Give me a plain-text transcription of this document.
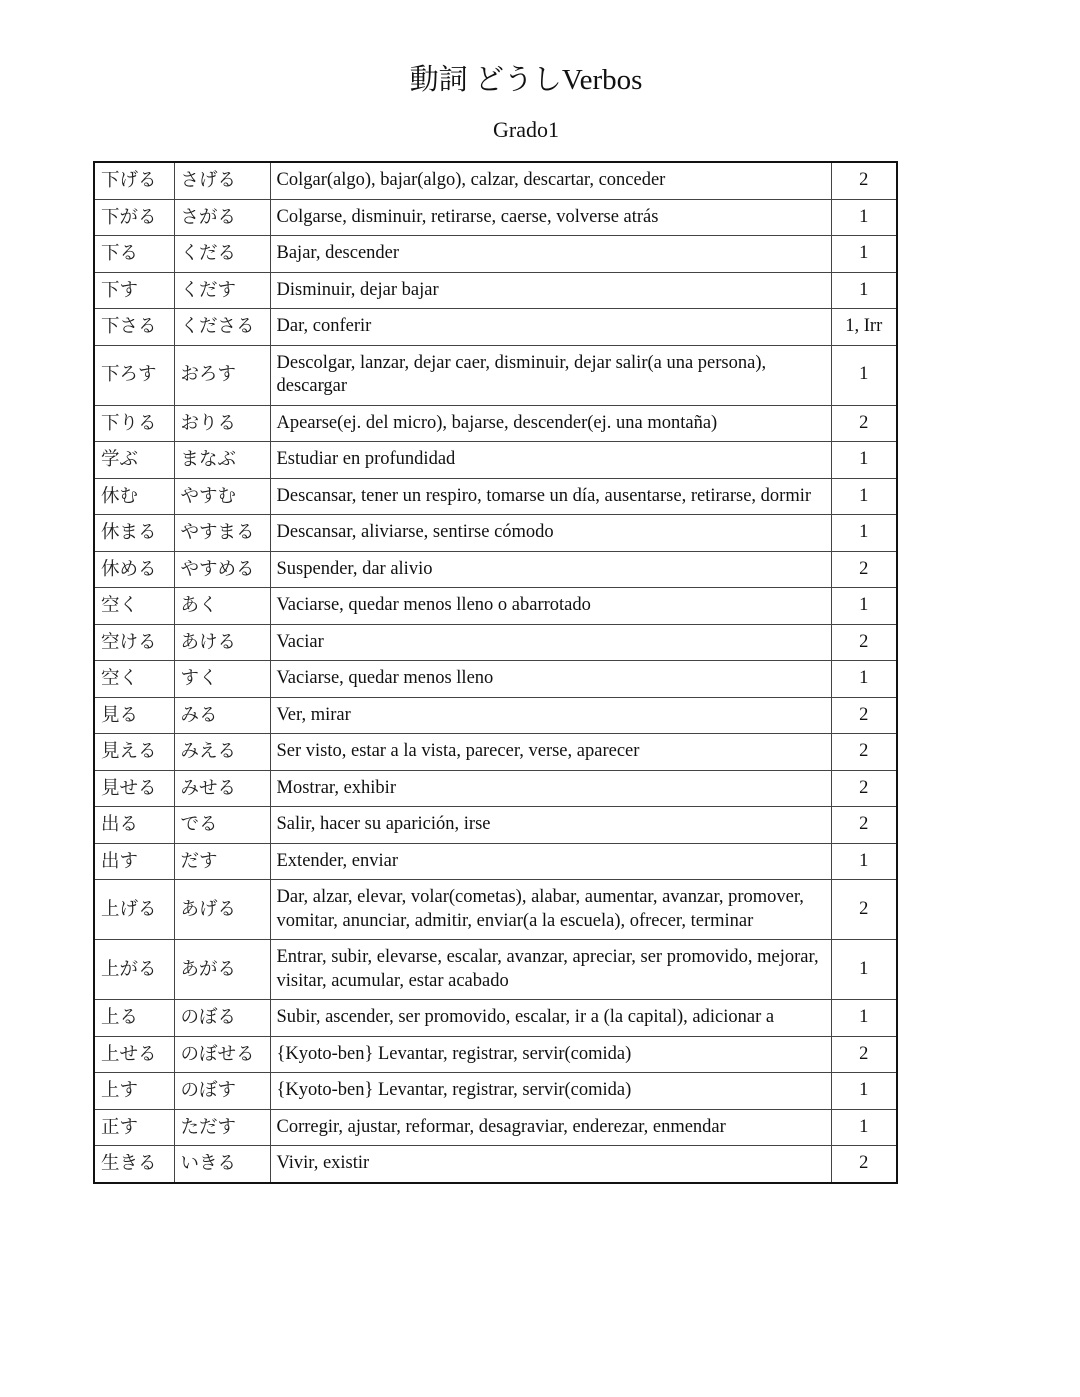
動詞 どうしVerbos
Grado1
下げる	さげる	Colgar(algo), bajar(algo), calzar, descartar, conceder	2
下がる	さがる	Colgarse, disminuir, retirarse, caerse, volverse atrás	1
下る	くだる	Bajar, descender	1
下す	くだす	Disminuir, dejar bajar	1
下さる	くださる	Dar, conferir	1, Irr
下ろす	おろす	Descolgar, lanzar, dejar caer, disminuir, dejar salir(a una persona), descargar	1
下りる	おりる	Apearse(ej. del micro), bajarse, descender(ej. una montaña)	2
学ぶ	まなぶ	Estudiar en profundidad	1
休む	やすむ	Descansar, tener un respiro, tomarse un día, ausentarse, retirarse, dormir	1
休まる	やすまる	Descansar, aliviarse, sentirse cómodo	1
休める	やすめる	Suspender, dar alivio	2
空く	あく	Vaciarse, quedar menos lleno o abarrotado	1
空ける	あける	Vaciar	2
空く	すく	Vaciarse, quedar menos lleno	1
見る	みる	Ver, mirar	2
見える	みえる	Ser visto, estar a la vista, parecer, verse, aparecer	2
見せる	みせる	Mostrar, exhibir	2
出る	でる	Salir, hacer su aparición, irse	2
出す	だす	Extender, enviar	1
上げる	あげる	Dar, alzar, elevar, volar(cometas), alabar, aumentar, avanzar, promover, vomitar, anunciar, admitir, enviar(a la escuela), ofrecer, terminar	2
上がる	あがる	Entrar, subir, elevarse, escalar, avanzar, apreciar, ser promovido, mejorar, visitar, acumular, estar acabado	1
上る	のぼる	Subir, ascender, ser promovido, escalar, ir a (la capital), adicionar a	1
上せる	のぼせる	{Kyoto-ben} Levantar, registrar, servir(comida)	2
上す	のぼす	{Kyoto-ben} Levantar, registrar, servir(comida)	1
正す	ただす	Corregir, ajustar, reformar, desagraviar, enderezar, enmendar	1
生きる	いきる	Vivir, existir	2
